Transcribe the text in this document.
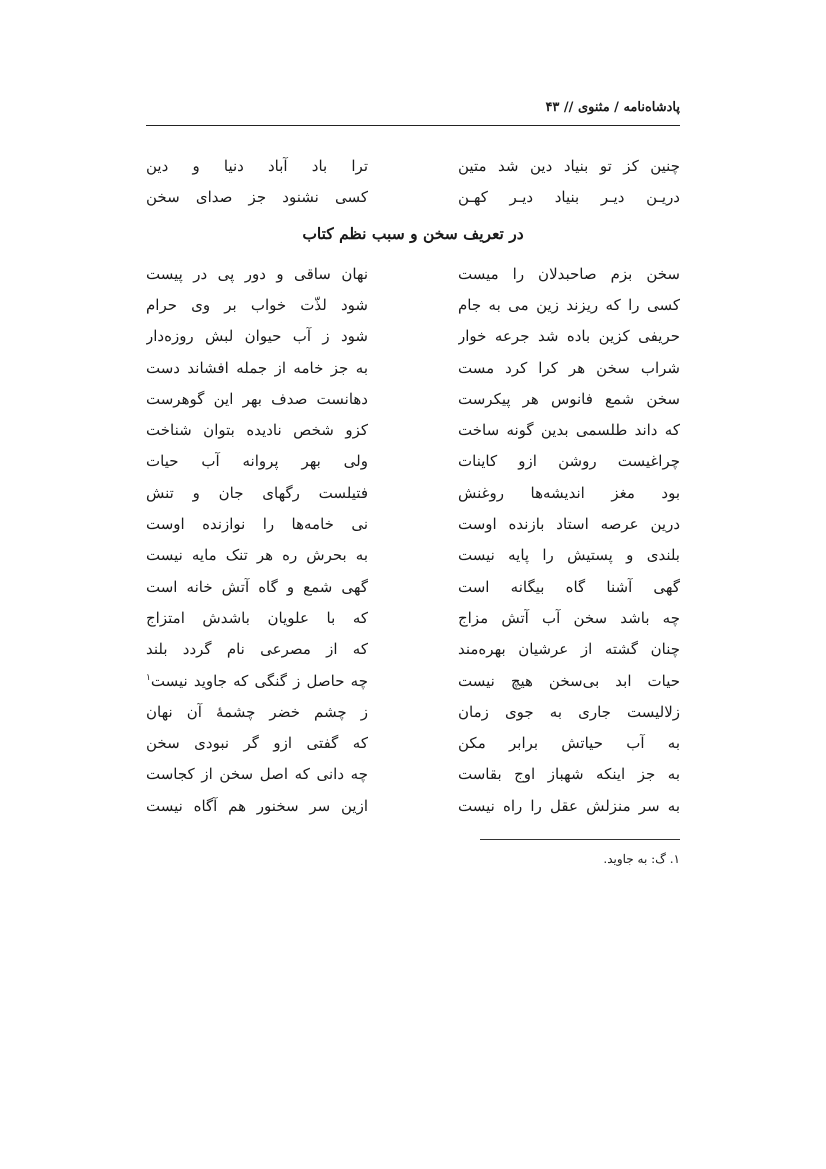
پادشاه‌نامه / مثنوی // ۴۳
چنین کز تو بنیاد دین شد متین
ترا باد آباد دنیا و دین
دریـن دیـر بنیاد دیـر کهـن
کسی نشنود جز صدای سخن
در تعریف سخن و سبب نظم کتاب
سخن بزم صاحبدلان را میست
نهان ساقی و دور پی در پیست
کسی را که ریزند زین می به جام
شود لذّت خواب بر وی حرام
حریفی کزین باده شد جرعه خوار
شود ز آب حیوان لبش روزه‌دار
شراب سخن هر کرا کرد مست
به جز خامه از جمله افشاند دست
سخن شمع فانوس هر پیکرست
دهانست صدف بهر این گوهرست
که داند طلسمی بدین گونه ساخت
کزو شخص نادیده بتوان شناخت
چراغیست روشن ازو کاینات
ولی بهر پروانه آب حیات
بود مغز اندیشه‌ها روغنش
فتیلست رگهای جان و تنش
درین عرصه استاد بازنده اوست
نی خامه‌ها را نوازنده اوست
بلندی و پستیش را پایه نیست
به بحرش ره هر تنک مایه نیست
گهی آشنا گاه بیگانه است
گهی شمع و گاه آتش خانه است
چه باشد سخن آب آتش مزاج
که با علویان باشدش امتزاج
چنان گشته از عرشیان بهره‌مند
که از مصرعی نام گردد بلند
حیات ابد بی‌سخن هیچ نیست
چه حاصل ز گنگی که جاوید نیست$^۱$
زلالیست جاری به جوی زمان
ز چشم خضر چشمهٔ آن نهان
به آب حیاتش برابر مکن
که گفتی ازو گر نبودی سخن
به جز اینکه شهباز اوج بقاست
چه دانی که اصل سخن از کجاست
به سر منزلش عقل را راه نیست
ازین سر سخنور هم آگاه نیست
۱. گ: به جاوید.
